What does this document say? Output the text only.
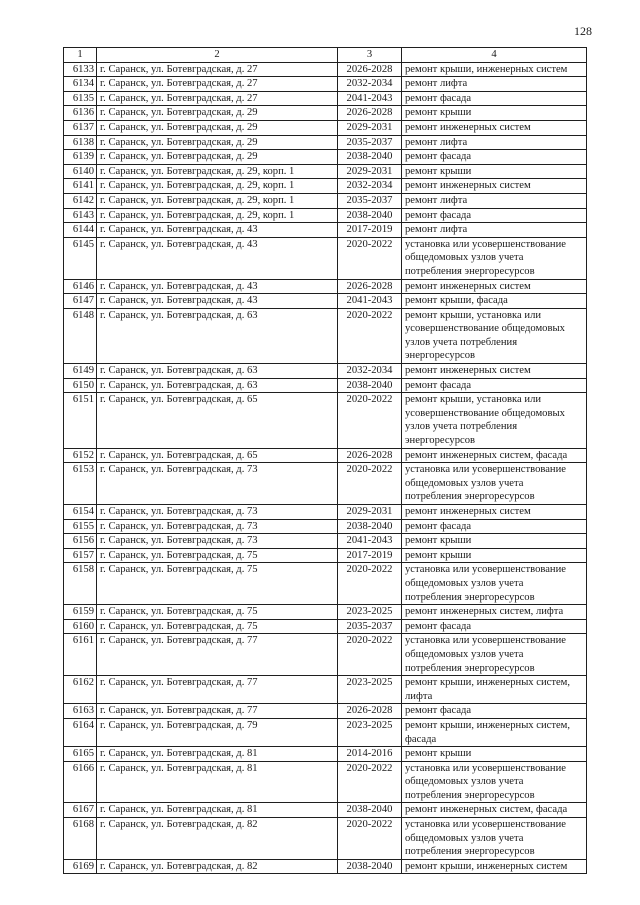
128
1	2	3	4
6133	г. Саранск, ул. Ботевградская, д. 27	2026-2028	ремонт крыши, инженерных систем
6134	г. Саранск, ул. Ботевградская, д. 27	2032-2034	ремонт лифта
6135	г. Саранск, ул. Ботевградская, д. 27	2041-2043	ремонт фасада
6136	г. Саранск, ул. Ботевградская, д. 29	2026-2028	ремонт крыши
6137	г. Саранск, ул. Ботевградская, д. 29	2029-2031	ремонт инженерных систем
6138	г. Саранск, ул. Ботевградская, д. 29	2035-2037	ремонт лифта
6139	г. Саранск, ул. Ботевградская, д. 29	2038-2040	ремонт фасада
6140	г. Саранск, ул. Ботевградская, д. 29, корп. 1	2029-2031	ремонт крыши
6141	г. Саранск, ул. Ботевградская, д. 29, корп. 1	2032-2034	ремонт инженерных систем
6142	г. Саранск, ул. Ботевградская, д. 29, корп. 1	2035-2037	ремонт лифта
6143	г. Саранск, ул. Ботевградская, д. 29, корп. 1	2038-2040	ремонт фасада
6144	г. Саранск, ул. Ботевградская, д. 43	2017-2019	ремонт лифта
6145	г. Саранск, ул. Ботевградская, д. 43	2020-2022	установка или усовершенствование общедомовых узлов учета потребления энергоресурсов
6146	г. Саранск, ул. Ботевградская, д. 43	2026-2028	ремонт инженерных систем
6147	г. Саранск, ул. Ботевградская, д. 43	2041-2043	ремонт крыши, фасада
6148	г. Саранск, ул. Ботевградская, д. 63	2020-2022	ремонт крыши, установка или усовершенствование общедомовых узлов учета потребления энергоресурсов
6149	г. Саранск, ул. Ботевградская, д. 63	2032-2034	ремонт инженерных систем
6150	г. Саранск, ул. Ботевградская, д. 63	2038-2040	ремонт фасада
6151	г. Саранск, ул. Ботевградская, д. 65	2020-2022	ремонт крыши, установка или усовершенствование общедомовых узлов учета потребления энергоресурсов
6152	г. Саранск, ул. Ботевградская, д. 65	2026-2028	ремонт инженерных систем, фасада
6153	г. Саранск, ул. Ботевградская, д. 73	2020-2022	установка или усовершенствование общедомовых узлов учета потребления энергоресурсов
6154	г. Саранск, ул. Ботевградская, д. 73	2029-2031	ремонт инженерных систем
6155	г. Саранск, ул. Ботевградская, д. 73	2038-2040	ремонт фасада
6156	г. Саранск, ул. Ботевградская, д. 73	2041-2043	ремонт крыши
6157	г. Саранск, ул. Ботевградская, д. 75	2017-2019	ремонт крыши
6158	г. Саранск, ул. Ботевградская, д. 75	2020-2022	установка или усовершенствование общедомовых узлов учета потребления энергоресурсов
6159	г. Саранск, ул. Ботевградская, д. 75	2023-2025	ремонт инженерных систем, лифта
6160	г. Саранск, ул. Ботевградская, д. 75	2035-2037	ремонт фасада
6161	г. Саранск, ул. Ботевградская, д. 77	2020-2022	установка или усовершенствование общедомовых узлов учета потребления энергоресурсов
6162	г. Саранск, ул. Ботевградская, д. 77	2023-2025	ремонт крыши, инженерных систем, лифта
6163	г. Саранск, ул. Ботевградская, д. 77	2026-2028	ремонт фасада
6164	г. Саранск, ул. Ботевградская, д. 79	2023-2025	ремонт крыши, инженерных систем, фасада
6165	г. Саранск, ул. Ботевградская, д. 81	2014-2016	ремонт крыши
6166	г. Саранск, ул. Ботевградская, д. 81	2020-2022	установка или усовершенствование общедомовых узлов учета потребления энергоресурсов
6167	г. Саранск, ул. Ботевградская, д. 81	2038-2040	ремонт инженерных систем, фасада
6168	г. Саранск, ул. Ботевградская, д. 82	2020-2022	установка или усовершенствование общедомовых узлов учета потребления энергоресурсов
6169	г. Саранск, ул. Ботевградская, д. 82	2038-2040	ремонт крыши, инженерных систем
